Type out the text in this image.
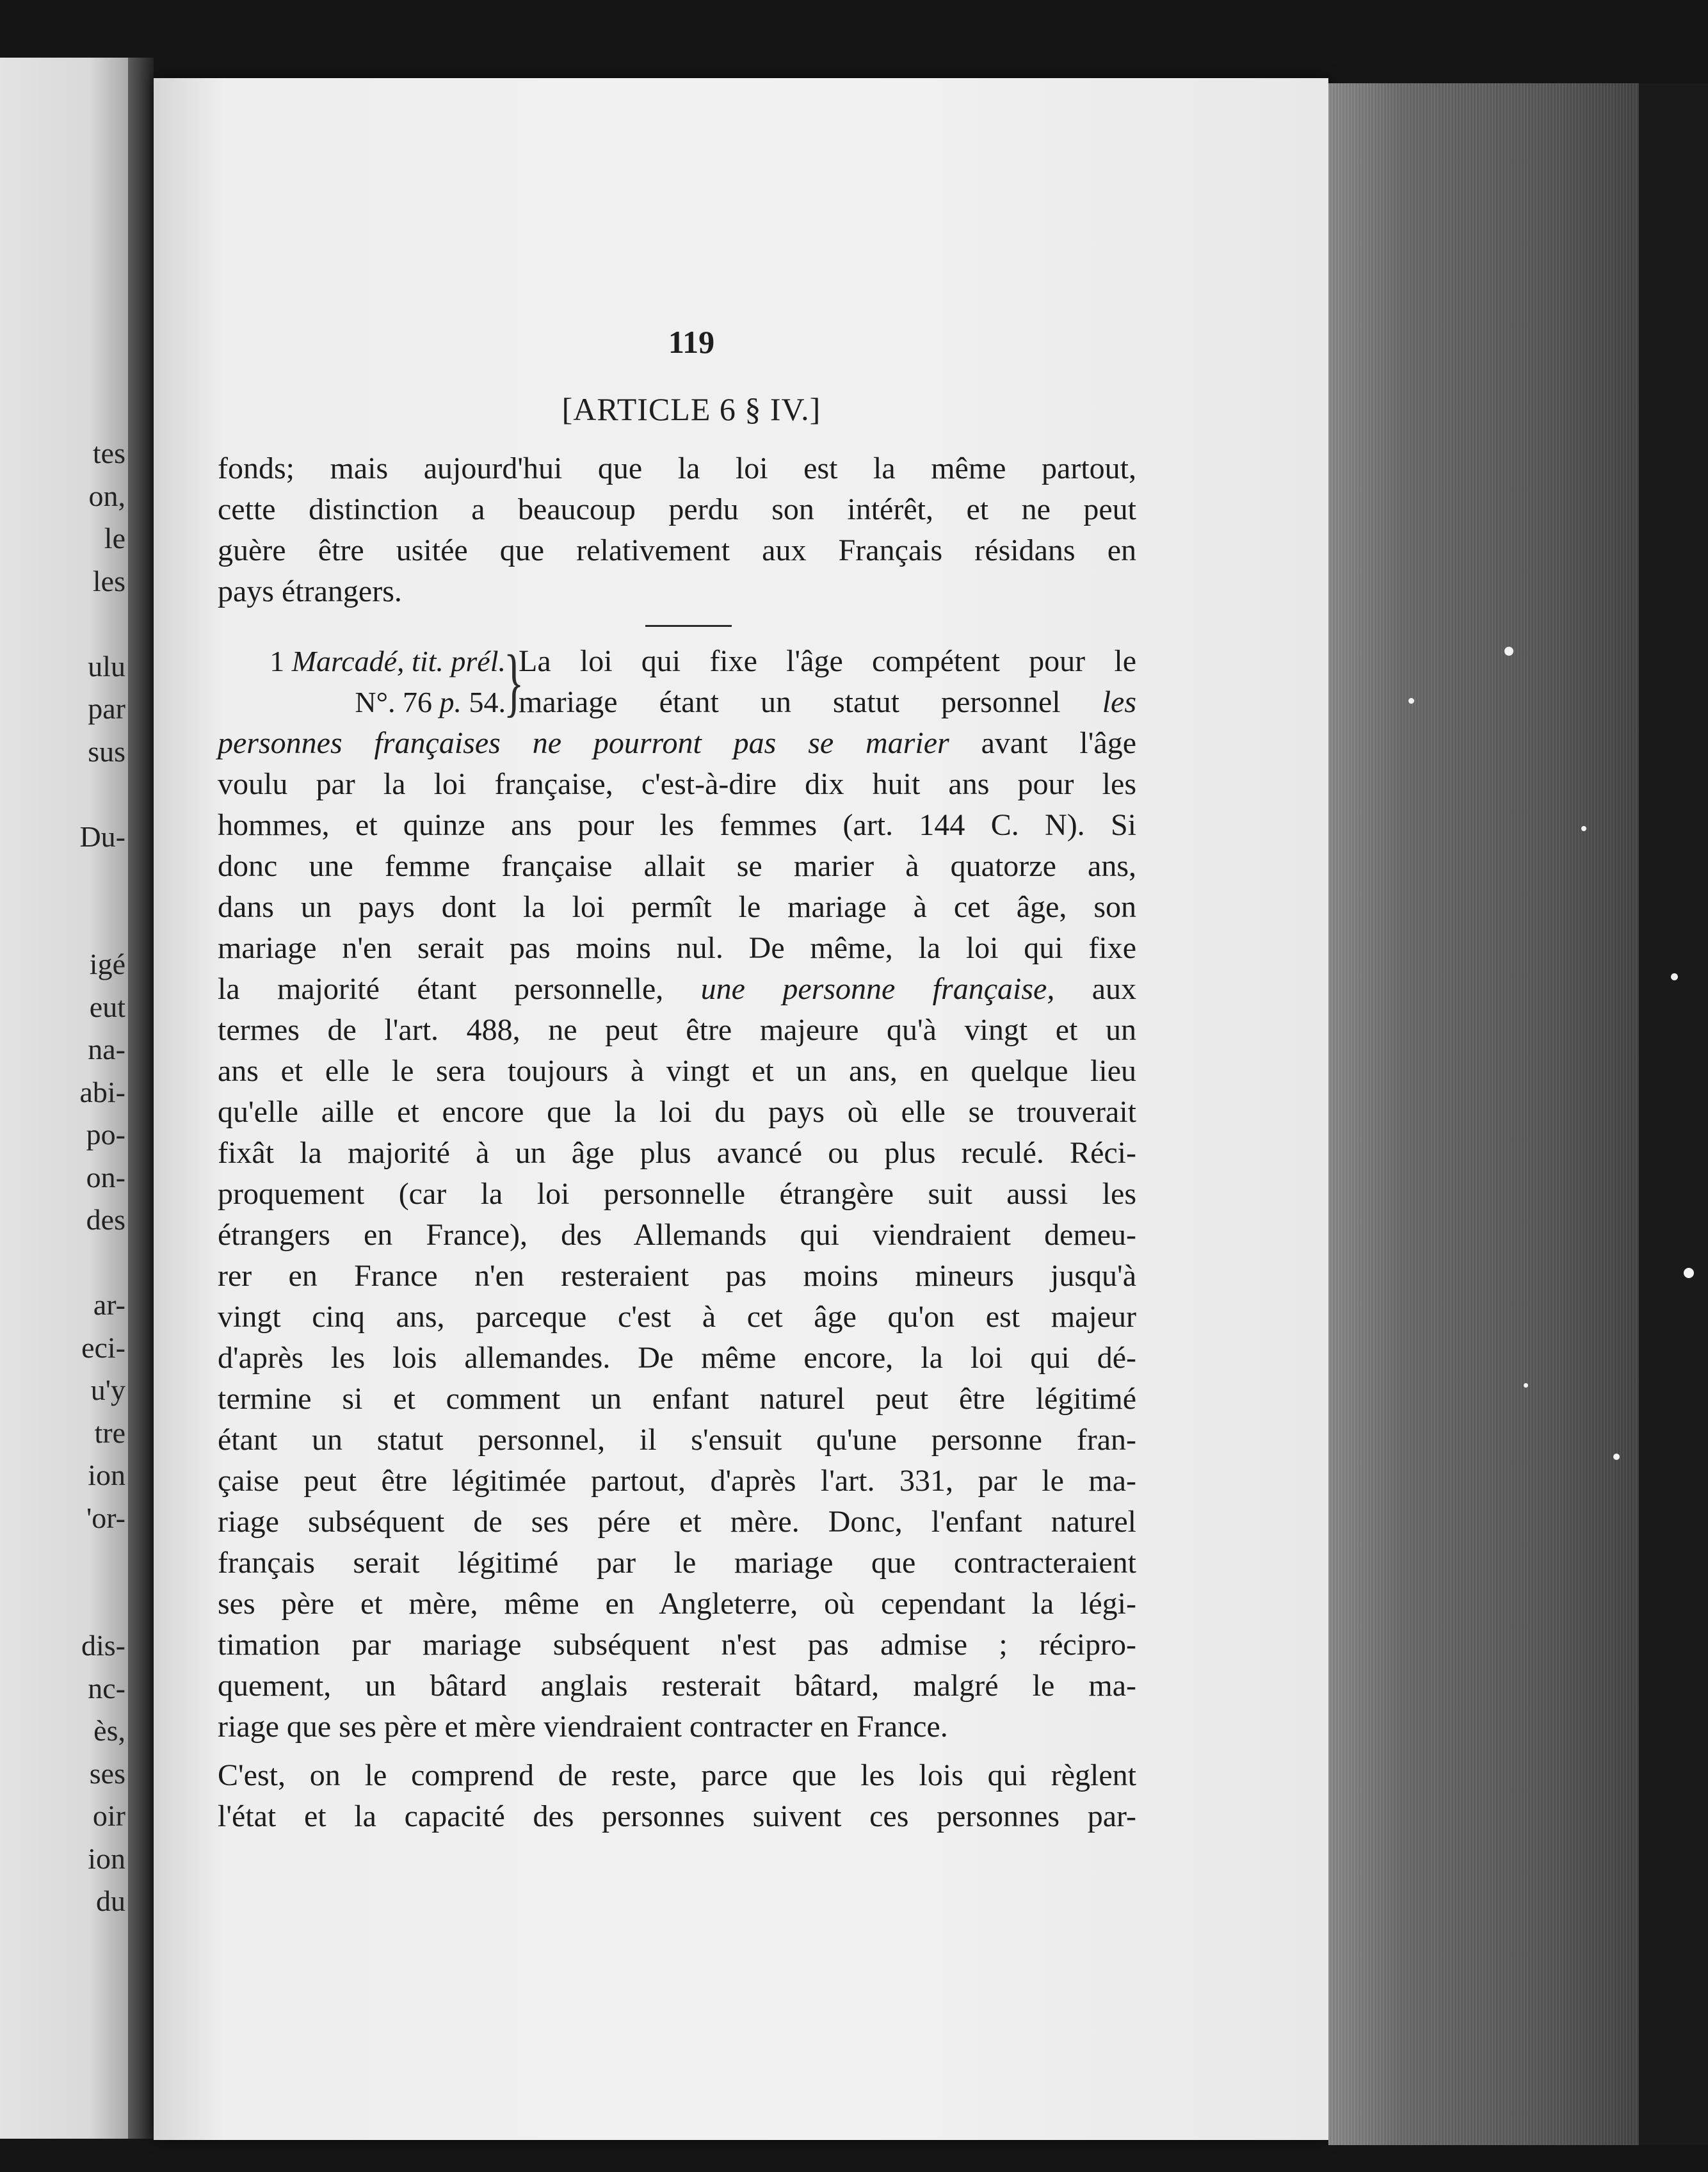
tes
on,
le
les
ulu
par
sus
Du-
igé
eut
na-
abi-
po-
on-
des
ar-
eci-
u'y
tre
ion
'or-
dis-
nc-
ès,
ses
oir
ion
du
119
[ARTICLE 6 § IV.]
fonds; mais aujourd'hui que la loi est la même partout,
cette distinction a beaucoup perdu son intérêt, et ne peut
guère être usitée que relativement aux Français résidans en
pays étrangers.
1 Marcadé, tit. prél.
}
La loi qui fixe l'âge compétent pour le
N°. 76 p. 54. mariage étant un statut personnel les
personnes françaises ne pourront pas se marier avant l'âge
voulu par la loi française, c'est-à-dire dix huit ans pour les
hommes, et quinze ans pour les femmes (art. 144 C. N). Si
donc une femme française allait se marier à quatorze ans,
dans un pays dont la loi permît le mariage à cet âge, son
mariage n'en serait pas moins nul. De même, la loi qui fixe
la majorité étant personnelle, une personne française, aux
termes de l'art. 488, ne peut être majeure qu'à vingt et un
ans et elle le sera toujours à vingt et un ans, en quelque lieu
qu'elle aille et encore que la loi du pays où elle se trouverait
fixât la majorité à un âge plus avancé ou plus reculé. Réci-
proquement (car la loi personnelle étrangère suit aussi les
étrangers en France), des Allemands qui viendraient demeu-
rer en France n'en resteraient pas moins mineurs jusqu'à
vingt cinq ans, parceque c'est à cet âge qu'on est majeur
d'après les lois allemandes. De même encore, la loi qui dé-
termine si et comment un enfant naturel peut être légitimé
étant un statut personnel, il s'ensuit qu'une personne fran-
çaise peut être légitimée partout, d'après l'art. 331, par le ma-
riage subséquent de ses pére et mère. Donc, l'enfant naturel
français serait légitimé par le mariage que contracteraient
ses père et mère, même en Angleterre, où cependant la légi-
timation par mariage subséquent n'est pas admise ; récipro-
quement, un bâtard anglais resterait bâtard, malgré le ma-
riage que ses père et mère viendraient contracter en France.
C'est, on le comprend de reste, parce que les lois qui règlent
l'état et la capacité des personnes suivent ces personnes par-
